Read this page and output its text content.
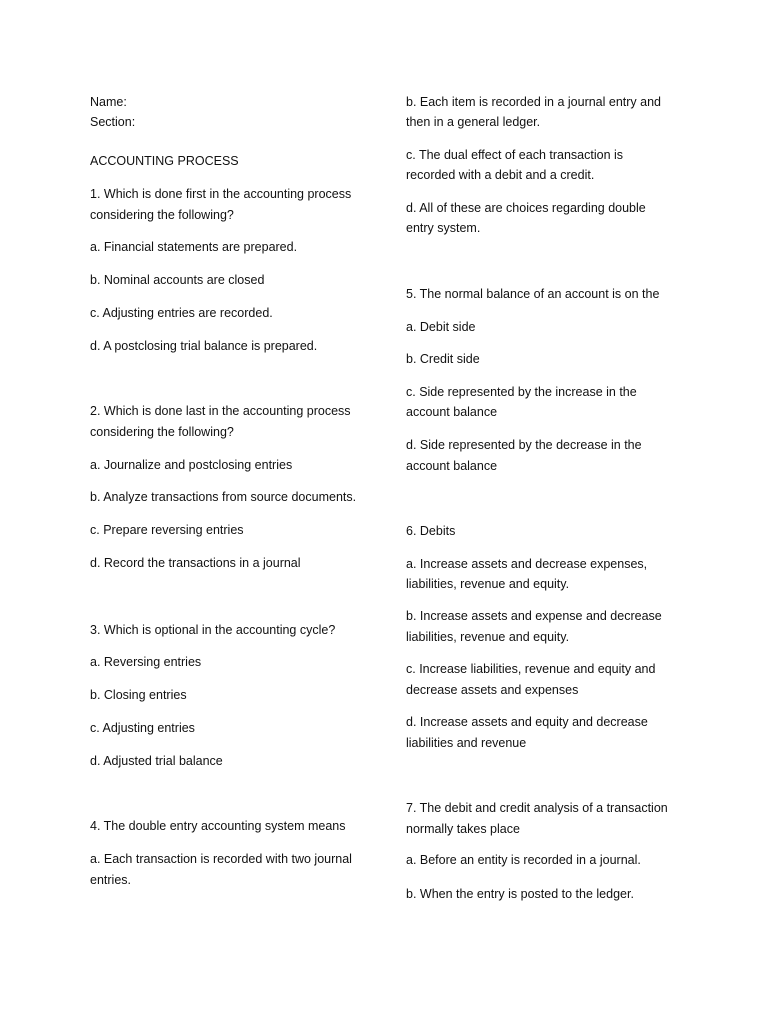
Name:
Section:
ACCOUNTING PROCESS
1. Which is done first in the accounting process
considering the following?
a. Financial statements are prepared.
b. Nominal accounts are closed
c. Adjusting entries are recorded.
d. A postclosing trial balance is prepared.
2. Which is done last in the accounting process
considering the following?
a. Journalize and postclosing entries
b. Analyze transactions from source documents.
c. Prepare reversing entries
d. Record the transactions in a journal
3. Which is optional in the accounting cycle?
a. Reversing entries
b. Closing entries
c. Adjusting entries
d. Adjusted trial balance
4. The double entry accounting system means
a. Each transaction is recorded with two journal
entries.
b. Each item is recorded in a journal entry and
then in a general ledger.
c. The dual effect of each transaction is
recorded with a debit and a credit.
d. All of these are choices regarding double
entry system.
5. The normal balance of an account is on the
a. Debit side
b. Credit side
c. Side represented by the increase in the
account balance
d. Side represented by the decrease in the
account balance
6. Debits
a. Increase assets and decrease expenses,
liabilities, revenue and equity.
b. Increase assets and expense and decrease
liabilities, revenue and equity.
c. Increase liabilities, revenue and equity and
decrease assets and expenses
d. Increase assets and equity and decrease
liabilities and revenue
7. The debit and credit analysis of a transaction
normally takes place
a. Before an entity is recorded in a journal.
b. When the entry is posted to the ledger.
